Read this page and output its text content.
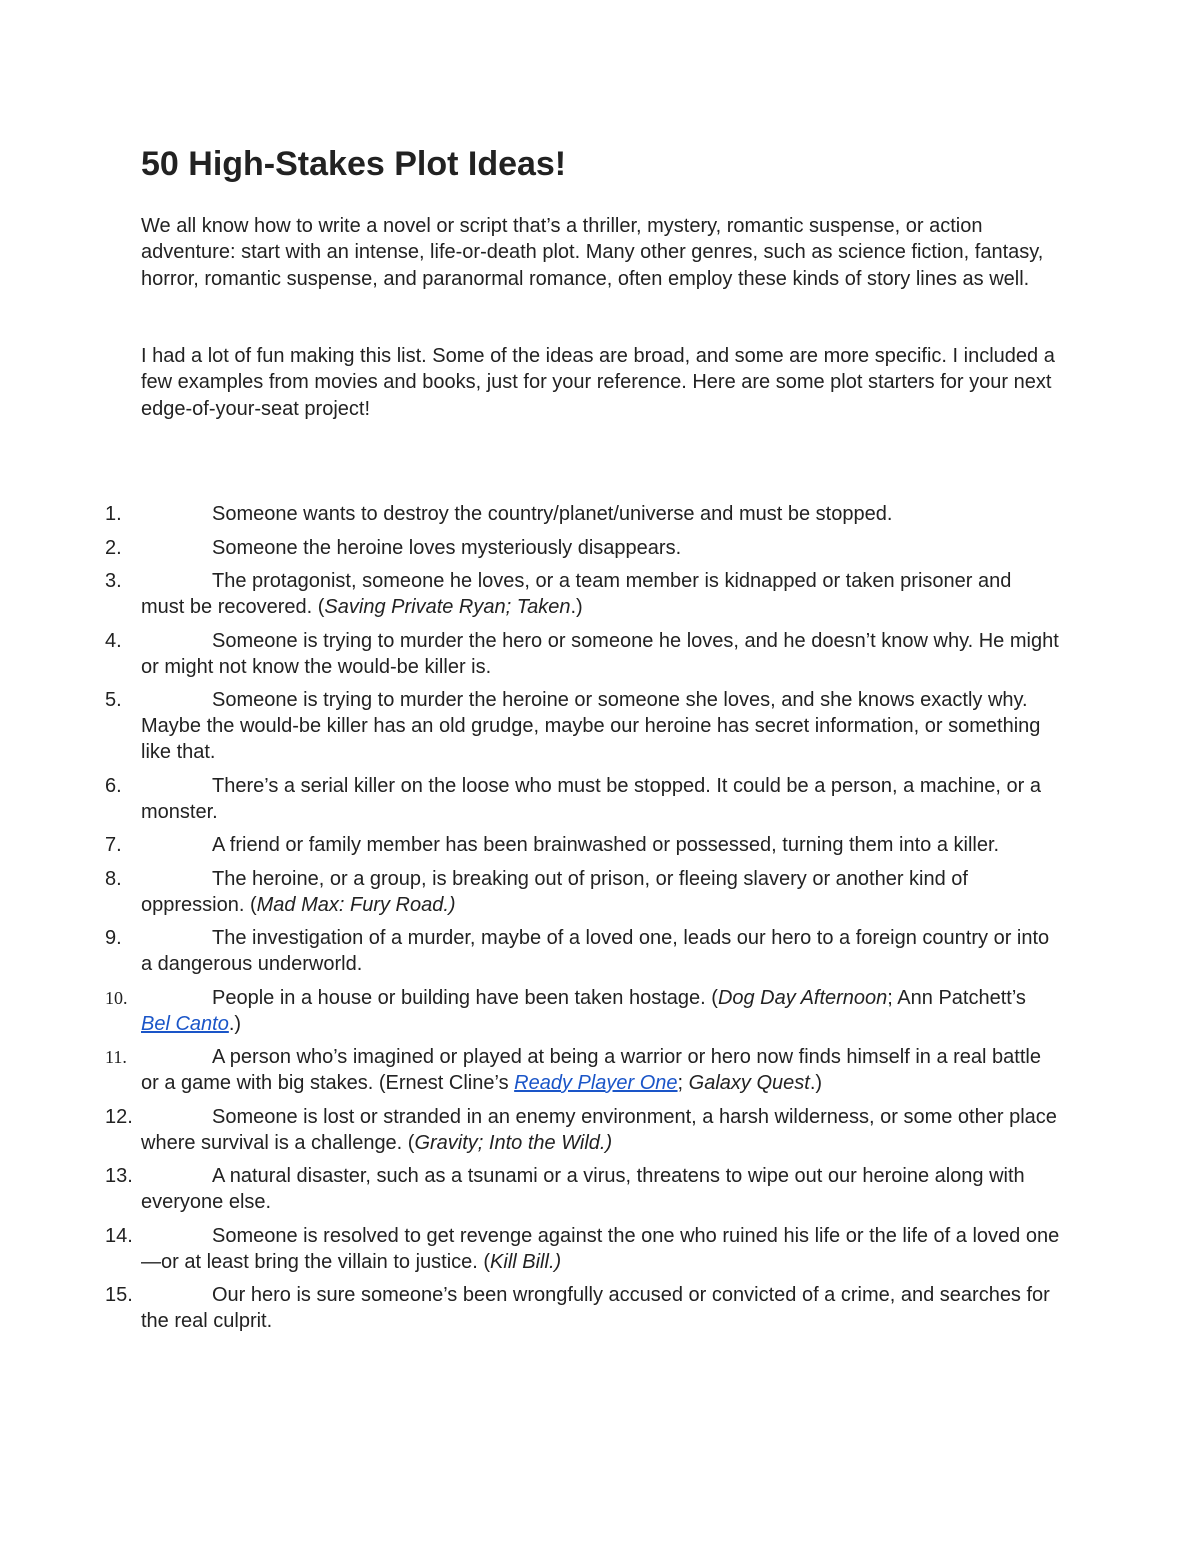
50 High-Stakes Plot Ideas!

We all know how to write a novel or script that’s a thriller, mystery, romantic suspense, or action adventure: start with an intense, life-or-death plot. Many other genres, such as science fiction, fantasy, horror, romantic suspense, and paranormal romance, often employ these kinds of story lines as well.

I had a lot of fun making this list. Some of the ideas are broad, and some are more specific. I included a few examples from movies and books, just for your reference. Here are some plot starters for your next edge-of-your-seat project!

1.	Someone wants to destroy the country/planet/universe and must be stopped.
2.	Someone the heroine loves mysteriously disappears.
3.	The protagonist, someone he loves, or a team member is kidnapped or taken prisoner and must be recovered. (Saving Private Ryan; Taken.)
4.	Someone is trying to murder the hero or someone he loves, and he doesn’t know why. He might or might not know the would-be killer is.
5.	Someone is trying to murder the heroine or someone she loves, and she knows exactly why. Maybe the would-be killer has an old grudge, maybe our heroine has secret information, or something like that.
6.	There’s a serial killer on the loose who must be stopped. It could be a person, a machine, or a monster.
7.	A friend or family member has been brainwashed or possessed, turning them into a killer.
8.	The heroine, or a group, is breaking out of prison, or fleeing slavery or another kind of oppression. (Mad Max: Fury Road.)
9.	The investigation of a murder, maybe of a loved one, leads our hero to a foreign country or into a dangerous underworld.
10.	People in a house or building have been taken hostage. (Dog Day Afternoon; Ann Patchett’s Bel Canto.)
11.	A person who’s imagined or played at being a warrior or hero now finds himself in a real battle or a game with big stakes. (Ernest Cline’s Ready Player One; Galaxy Quest.)
12.	Someone is lost or stranded in an enemy environment, a harsh wilderness, or some other place where survival is a challenge. (Gravity; Into the Wild.)
13.	A natural disaster, such as a tsunami or a virus, threatens to wipe out our heroine along with everyone else.
14.	Someone is resolved to get revenge against the one who ruined his life or the life of a loved one—or at least bring the villain to justice. (Kill Bill.)
15.	Our hero is sure someone’s been wrongfully accused or convicted of a crime, and searches for the real culprit.
